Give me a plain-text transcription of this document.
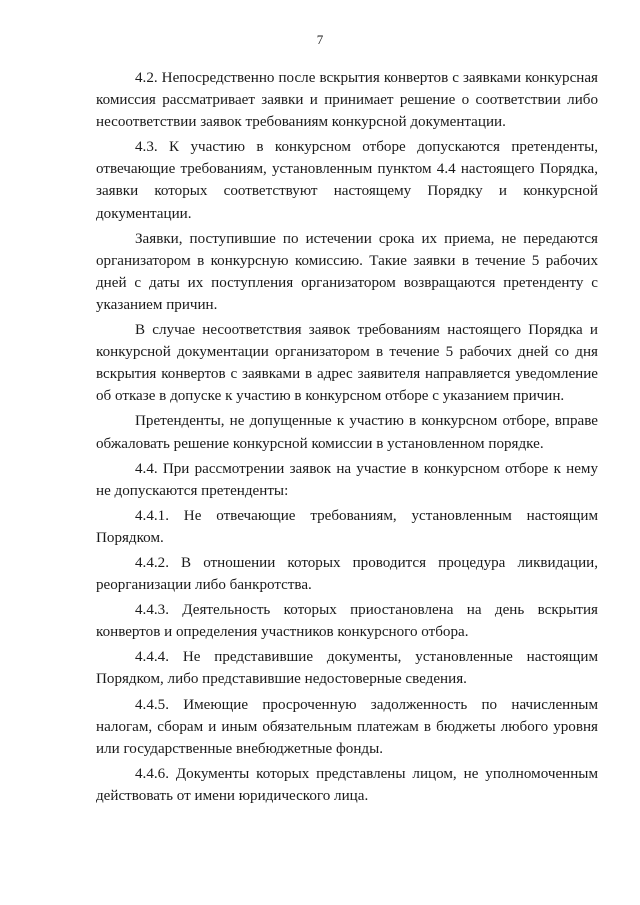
7

4.2. Непосредственно после вскрытия конвертов с заявками конкурсная комиссия рассматривает заявки и принимает решение о соответствии либо несоответствии заявок требованиям конкурсной документации.

4.3. К участию в конкурсном отборе допускаются претенденты, отвечающие требованиям, установленным пунктом 4.4 настоящего Порядка, заявки которых соответствуют настоящему Порядку и конкурсной документации.

Заявки, поступившие по истечении срока их приема, не передаются организатором в конкурсную комиссию. Такие заявки в течение 5 рабочих дней с даты их поступления организатором возвращаются претенденту с указанием причин.

В случае несоответствия заявок требованиям настоящего Порядка и конкурсной документации организатором в течение 5 рабочих дней со дня вскрытия конвертов с заявками в адрес заявителя направляется уведомление об отказе в допуске к участию в конкурсном отборе с указанием причин.

Претенденты, не допущенные к участию в конкурсном отборе, вправе обжаловать решение конкурсной комиссии в установленном порядке.

4.4. При рассмотрении заявок на участие в конкурсном отборе к нему не допускаются претенденты:

4.4.1. Не отвечающие требованиям, установленным настоящим Порядком.

4.4.2. В отношении которых проводится процедура ликвидации, реорганизации либо банкротства.

4.4.3. Деятельность которых приостановлена на день вскрытия конвертов и определения участников конкурсного отбора.

4.4.4. Не представившие документы, установленные настоящим Порядком, либо представившие недостоверные сведения.

4.4.5. Имеющие просроченную задолженность по начисленным налогам, сборам и иным обязательным платежам в бюджеты любого уровня или государственные внебюджетные фонды.

4.4.6. Документы которых представлены лицом, не уполномоченным действовать от имени юридического лица.
